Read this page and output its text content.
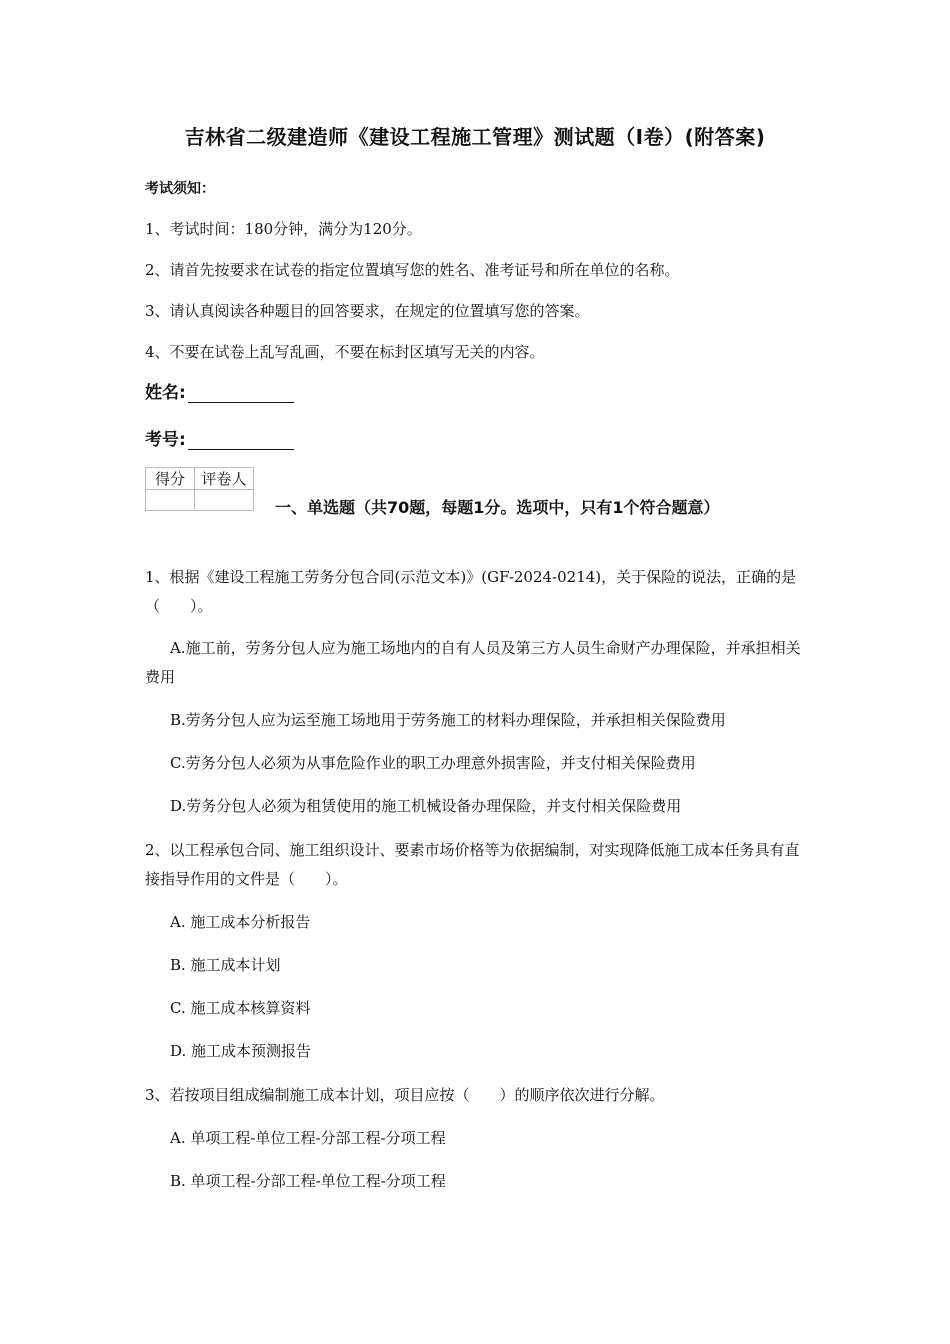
吉林省二级建造师《建设工程施工管理》测试题（I卷）(附答案)
考试须知：
1、考试时间：180分钟，满分为120分。
2、请首先按要求在试卷的指定位置填写您的姓名、准考证号和所在单位的名称。
3、请认真阅读各种题目的回答要求，在规定的位置填写您的答案。
4、不要在试卷上乱写乱画，不要在标封区填写无关的内容。
姓名:
考号:
得分	评卷人

一、单选题（共70题，每题1分。选项中，只有1个符合题意）
1、根据《建设工程施工劳务分包合同(示范文本)》(GF-2024-0214)，关于保险的说法，正确的是（　　）。
A.施工前，劳务分包人应为施工场地内的自有人员及第三方人员生命财产办理保险，并承担相关费用
B.劳务分包人应为运至施工场地用于劳务施工的材料办理保险，并承担相关保险费用
C.劳务分包人必须为从事危险作业的职工办理意外损害险，并支付相关保险费用
D.劳务分包人必须为租赁使用的施工机械设备办理保险，并支付相关保险费用
2、以工程承包合同、施工组织设计、要素市场价格等为依据编制，对实现降低施工成本任务具有直接指导作用的文件是（　　）。
A. 施工成本分析报告
B. 施工成本计划
C. 施工成本核算资料
D. 施工成本预测报告
3、若按项目组成编制施工成本计划，项目应按（　　）的顺序依次进行分解。
A. 单项工程-单位工程-分部工程-分项工程
B. 单项工程-分部工程-单位工程-分项工程
